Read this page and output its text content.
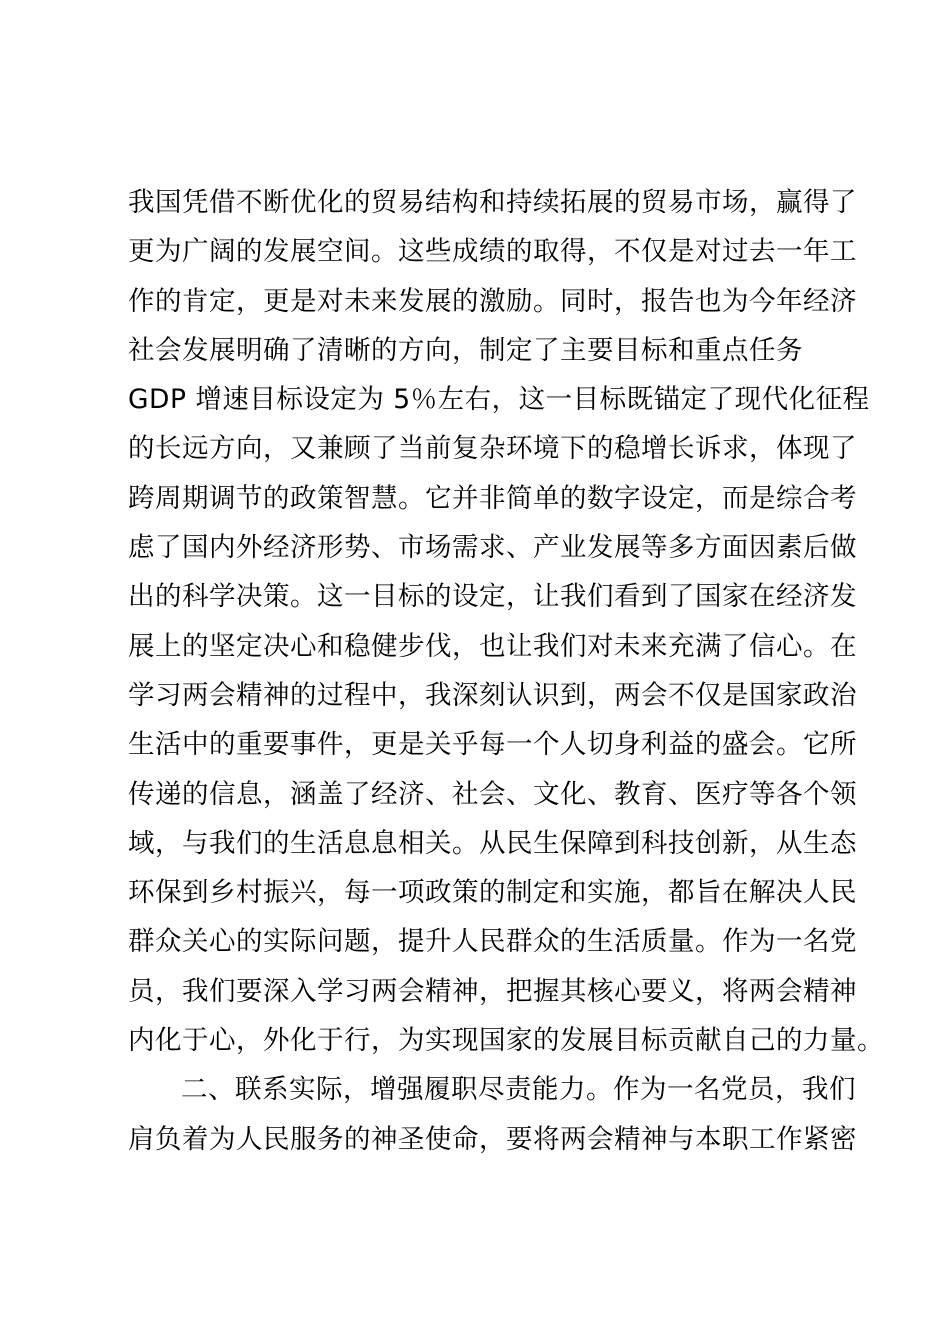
我国凭借不断优化的贸易结构和持续拓展的贸易市场，赢得了
更为广阔的发展空间。这些成绩的取得，不仅是对过去一年工
作的肯定，更是对未来发展的激励。同时，报告也为今年经济
社会发展明确了清晰的方向，制定了主要目标和重点任务
GDP 增速目标设定为 5％左右，这一目标既锚定了现代化征程
的长远方向，又兼顾了当前复杂环境下的稳增长诉求，体现了
跨周期调节的政策智慧。它并非简单的数字设定，而是综合考
虑了国内外经济形势、市场需求、产业发展等多方面因素后做
出的科学决策。这一目标的设定，让我们看到了国家在经济发
展上的坚定决心和稳健步伐，也让我们对未来充满了信心。在
学习两会精神的过程中，我深刻认识到，两会不仅是国家政治
生活中的重要事件，更是关乎每一个人切身利益的盛会。它所
传递的信息，涵盖了经济、社会、文化、教育、医疗等各个领
域，与我们的生活息息相关。从民生保障到科技创新，从生态
环保到乡村振兴，每一项政策的制定和实施，都旨在解决人民
群众关心的实际问题，提升人民群众的生活质量。作为一名党
员，我们要深入学习两会精神，把握其核心要义，将两会精神
内化于心，外化于行，为实现国家的发展目标贡献自己的力量。
二、联系实际，增强履职尽责能力。作为一名党员，我们
肩负着为人民服务的神圣使命，要将两会精神与本职工作紧密
